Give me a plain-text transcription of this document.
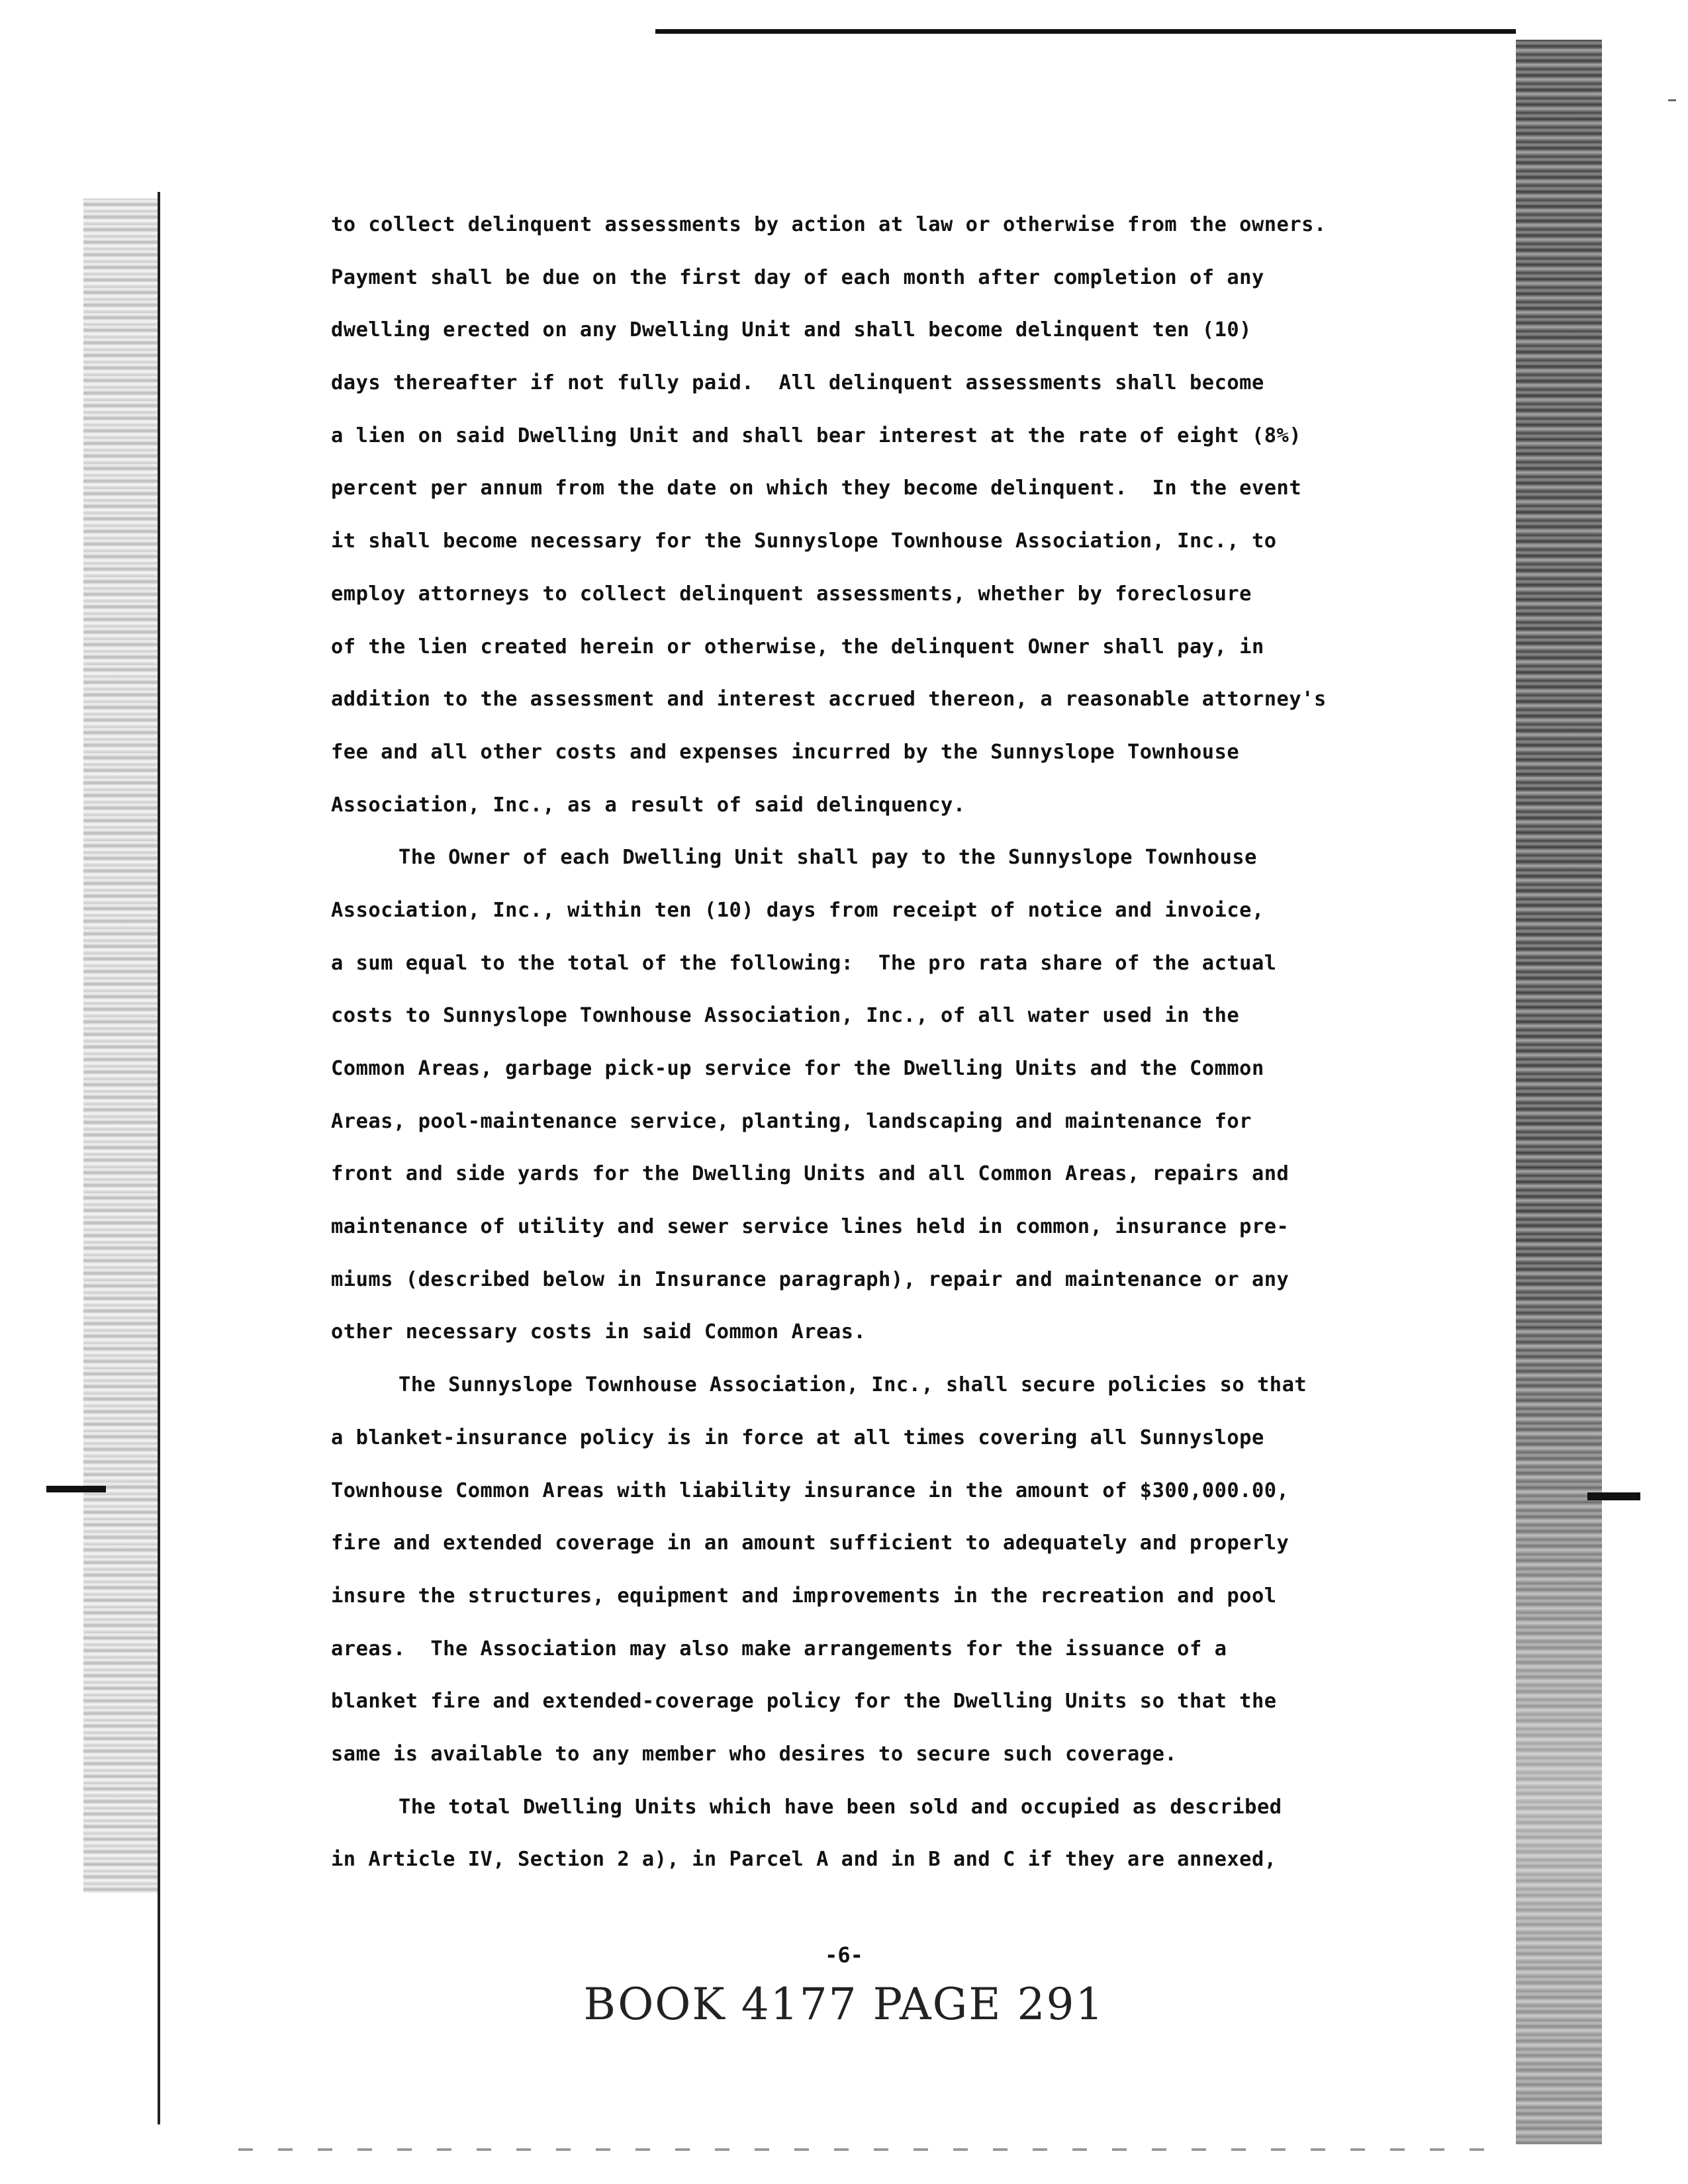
to collect delinquent assessments by action at law or otherwise from the owners.
Payment shall be due on the first day of each month after completion of any
dwelling erected on any Dwelling Unit and shall become delinquent ten (10)
days thereafter if not fully paid.  All delinquent assessments shall become
a lien on said Dwelling Unit and shall bear interest at the rate of eight (8%)
percent per annum from the date on which they become delinquent.  In the event
it shall become necessary for the Sunnyslope Townhouse Association, Inc., to
employ attorneys to collect delinquent assessments, whether by foreclosure
of the lien created herein or otherwise, the delinquent Owner shall pay, in
addition to the assessment and interest accrued thereon, a reasonable attorney's
fee and all other costs and expenses incurred by the Sunnyslope Townhouse
Association, Inc., as a result of said delinquency.
The Owner of each Dwelling Unit shall pay to the Sunnyslope Townhouse
Association, Inc., within ten (10) days from receipt of notice and invoice,
a sum equal to the total of the following:  The pro rata share of the actual
costs to Sunnyslope Townhouse Association, Inc., of all water used in the
Common Areas, garbage pick-up service for the Dwelling Units and the Common
Areas, pool-maintenance service, planting, landscaping and maintenance for
front and side yards for the Dwelling Units and all Common Areas, repairs and
maintenance of utility and sewer service lines held in common, insurance pre-
miums (described below in Insurance paragraph), repair and maintenance or any
other necessary costs in said Common Areas.
The Sunnyslope Townhouse Association, Inc., shall secure policies so that
a blanket-insurance policy is in force at all times covering all Sunnyslope
Townhouse Common Areas with liability insurance in the amount of $300,000.00,
fire and extended coverage in an amount sufficient to adequately and properly
insure the structures, equipment and improvements in the recreation and pool
areas.  The Association may also make arrangements for the issuance of a
blanket fire and extended-coverage policy for the Dwelling Units so that the
same is available to any member who desires to secure such coverage.
The total Dwelling Units which have been sold and occupied as described
in Article IV, Section 2 a), in Parcel A and in B and C if they are annexed,
-6-
BOOK 4177 PAGE 291
